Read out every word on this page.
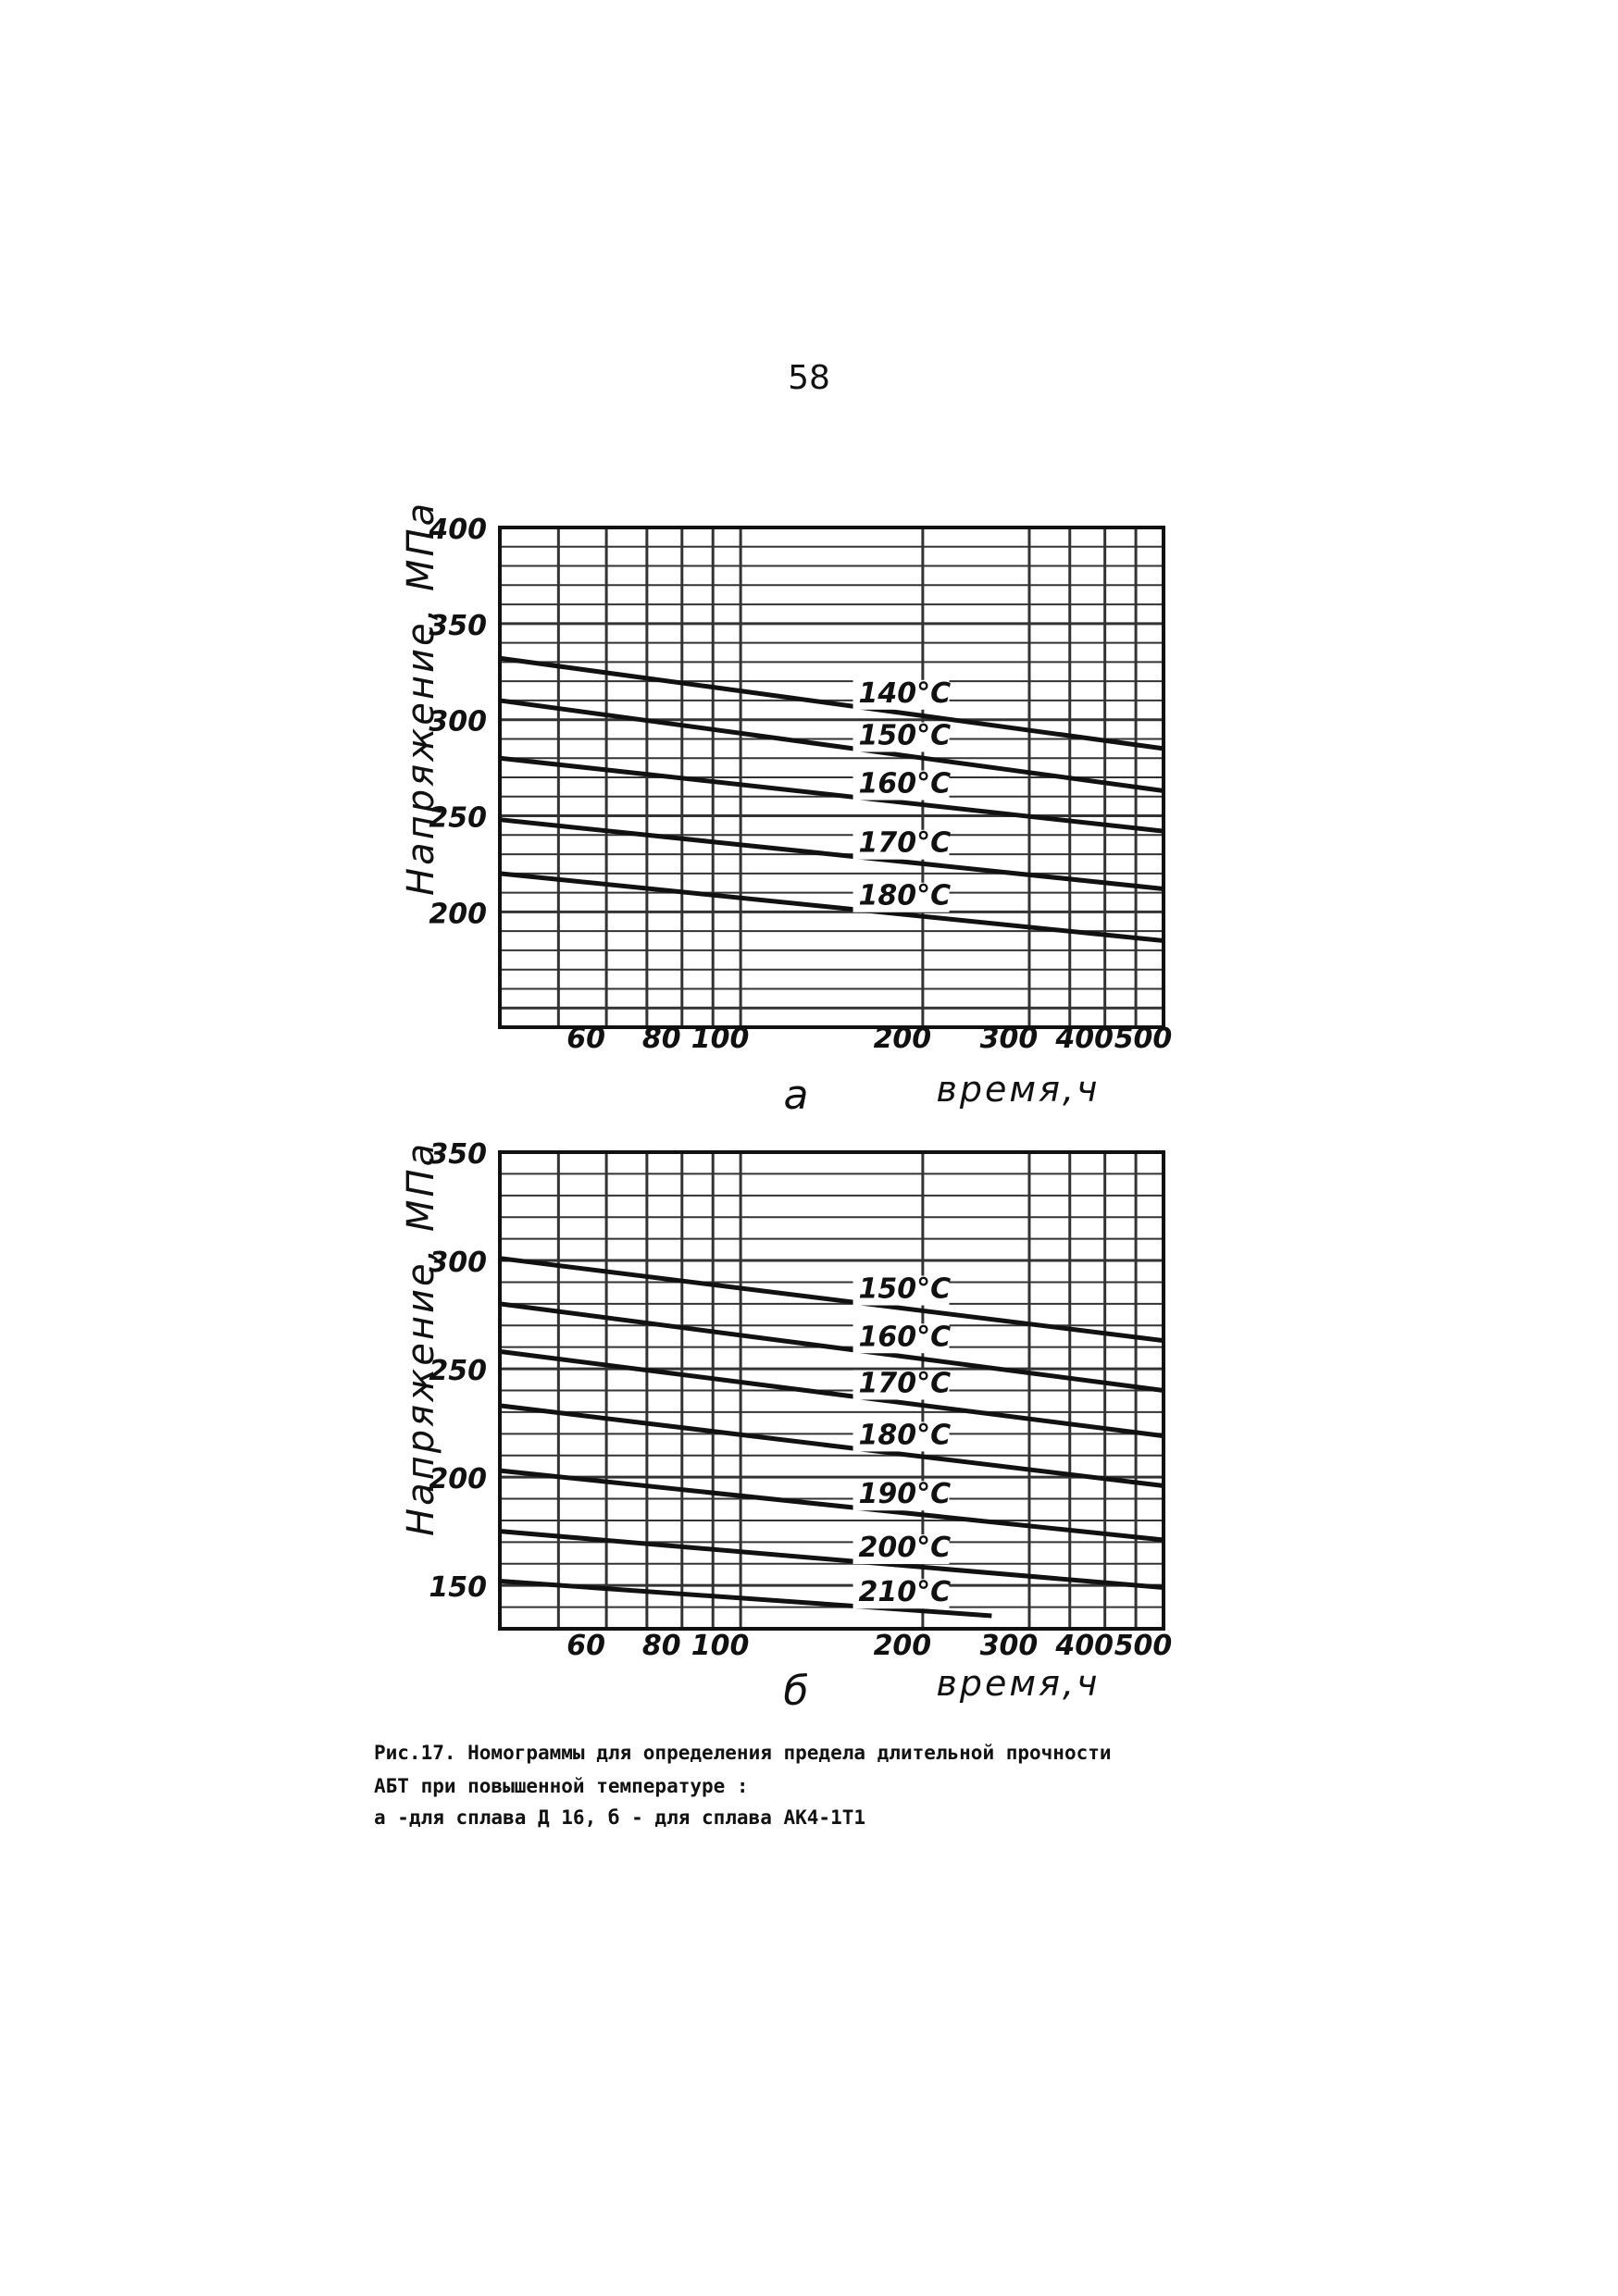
58
Напряжение, МПа
200
250
300
350
400
60 80 100	200 300 400 500
140°С
150°С
160°С
170°С
180°С
а	время,ч
Напряжение, МПа
150
200
250
300
350
60 80 100	200 300 400 500
150°С
160°С
170°С
180°С
190°С
200°С
210°С
б	время,ч
Рис.17. Номограммы для определения предела длительной прочности
АБТ при повышенной температуре :
а -для сплава Д 16, б - для сплава АК4-1Т1
